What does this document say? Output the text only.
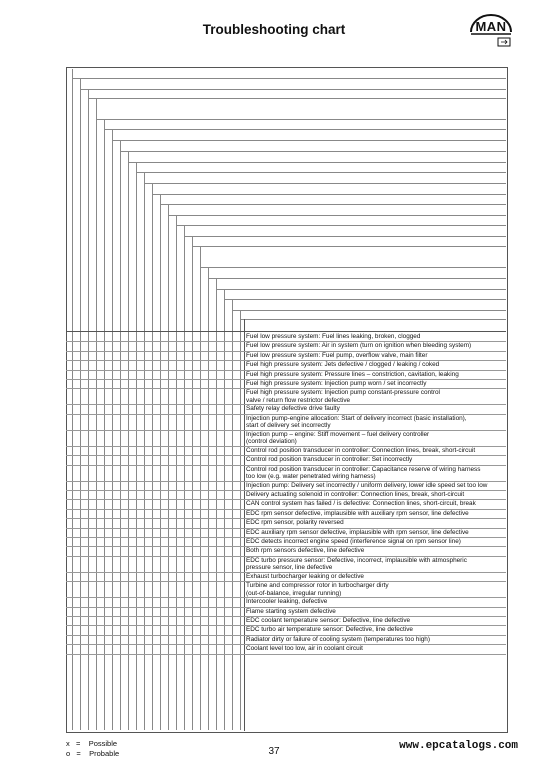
Troubleshooting chart	MAN
Fuel low pressure system: Fuel lines leaking, broken, clogged
Fuel low pressure system: Air in system (turn on ignition when bleeding system)
Fuel low pressure system: Fuel pump, overflow valve, main filter
Fuel high pressure system: Jets defective / clogged / leaking / coked
Fuel high pressure system: Pressure lines – constriction, cavitation, leaking
Fuel high pressure system: Injection pump worn / set incorrectly
Fuel high pressure system: Injection pump constant-pressure control
valve / return flow restrictor defective
Safety relay defective drive faulty
Injection pump-engine allocation: Start of delivery incorrect (basic installation),
start of delivery set incorrectly
Injection pump – engine: Stiff movement – fuel delivery controller
(control deviation)
Control rod position transducer in controller: Connection lines, break, short-circuit
Control rod position transducer in controller: Set incorrectly
Control rod position transducer in controller: Capacitance reserve of wiring harness
too low (e.g. water penetrated wiring harness)
Injection pump: Delivery set incorrectly / uniform delivery, lower idle speed set too low
Delivery actuating solenoid in controller: Connection lines, break, short-circuit
CAN control system has failed / is defective: Connection lines, short-circuit, break
EDC rpm sensor defective, implausible with auxiliary rpm sensor, line defective
EDC rpm sensor, polarity reversed
EDC auxiliary rpm sensor defective, implausible with rpm sensor, line defective
EDC detects incorrect engine speed (interference signal on rpm sensor line)
Both rpm sensors defective, line defective
EDC turbo pressure sensor: Defective, incorrect, implausible with atmospheric
pressure sensor, line defective
Exhaust turbocharger leaking or defective
Turbine and compressor rotor in turbocharger dirty
(out-of-balance, irregular running)
Intercooler leaking, defective
Flame starting system defective
EDC coolant temperature sensor: Defective, line defective
EDC turbo air temperature sensor: Defective, line defective
Radiator dirty or failure of cooling system (temperatures too high)
Coolant level too low, air in coolant circuit
x   =    Possible
o   =    Probable	37	www.epcatalogs.com
